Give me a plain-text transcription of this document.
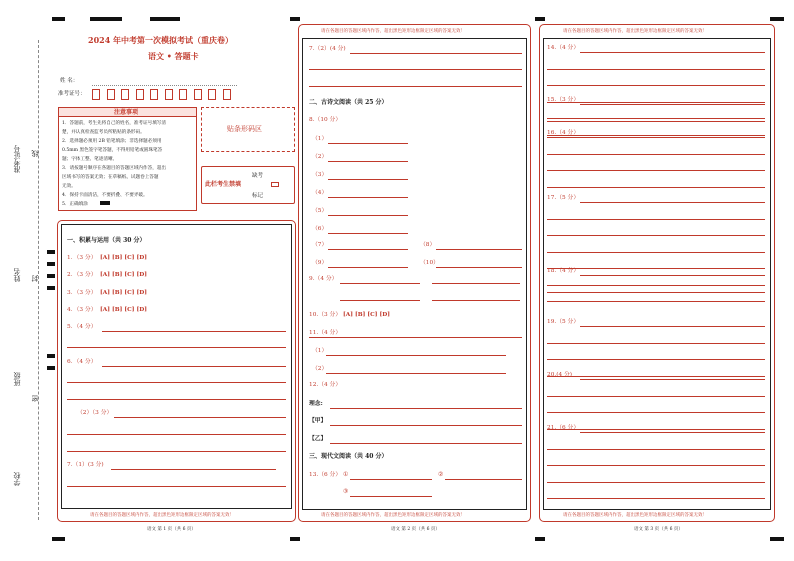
准考证号 线
姓名 封
班级
密
学校
2024 年中考第一次模拟考试（重庆卷）
语文 • 答题卡
姓 名：
准考证号：
注意事项
1．答题前，考生先将自己的姓名，准考证号填写清
楚，并认真检查监考员所粘贴的条形码。
2．选择题必须用 2B 铅笔填涂；非选择题必须用
0.5mm 黑色签字笔答题，不得用铅笔或圆珠笔答
题；字体工整、笔迹清晰。
3．请按题号顺序在各题目的答题区域内作答，超出
区域书写的答案无效；在草稿纸、试题卷上答题
无效。
4．保持卡面清洁，不要折叠、不要弄破。
5．正确填涂
贴条形码区
此栏考生禁填
缺考
标记
一、积累与运用（共 30 分）
1．（3 分） [A] [B] [C] [D]
2．（3 分） [A] [B] [C] [D]
3．（3 分） [A] [B] [C] [D]
4．（3 分） [A] [B] [C] [D]
5．（4 分）
6．（4 分）
（2）（3 分）
7.（1）(3 分)
请在各题目的答题区域内作答，超出黑色矩形边框限定区域的答案无效！
语文 第 1 页（共 6 页）
请在各题目的答题区域内作答，超出黑色矩形边框限定区域的答案无效！
7.（2）(4 分)
二、古诗文阅读（共 25 分）
8.（10 分）
（1）
（2）
（3）
（4）
（5）
（6）
（7）	（8）
（9）	（10）
9.（4 分）
10.（3 分） [A] [B] [C] [D]
11.（4 分）
（1）
（2）
12.（4 分）
理念:
【甲】
【乙】
三、现代文阅读（共 40 分）
13.（6 分） ①	②
③
请在各题目的答题区域内作答，超出黑色矩形边框限定区域的答案无效！
语文 第 2 页（共 6 页）
请在各题目的答题区域内作答，超出黑色矩形边框限定区域的答案无效！
14.（4 分）
15.（3 分）
16.（4 分）
17.（5 分）
18.（4 分）
19.（5 分）
20.(4 分)
21.（6 分）
请在各题目的答题区域内作答，超出黑色矩形边框限定区域的答案无效！
语文 第 3 页（共 6 页）
